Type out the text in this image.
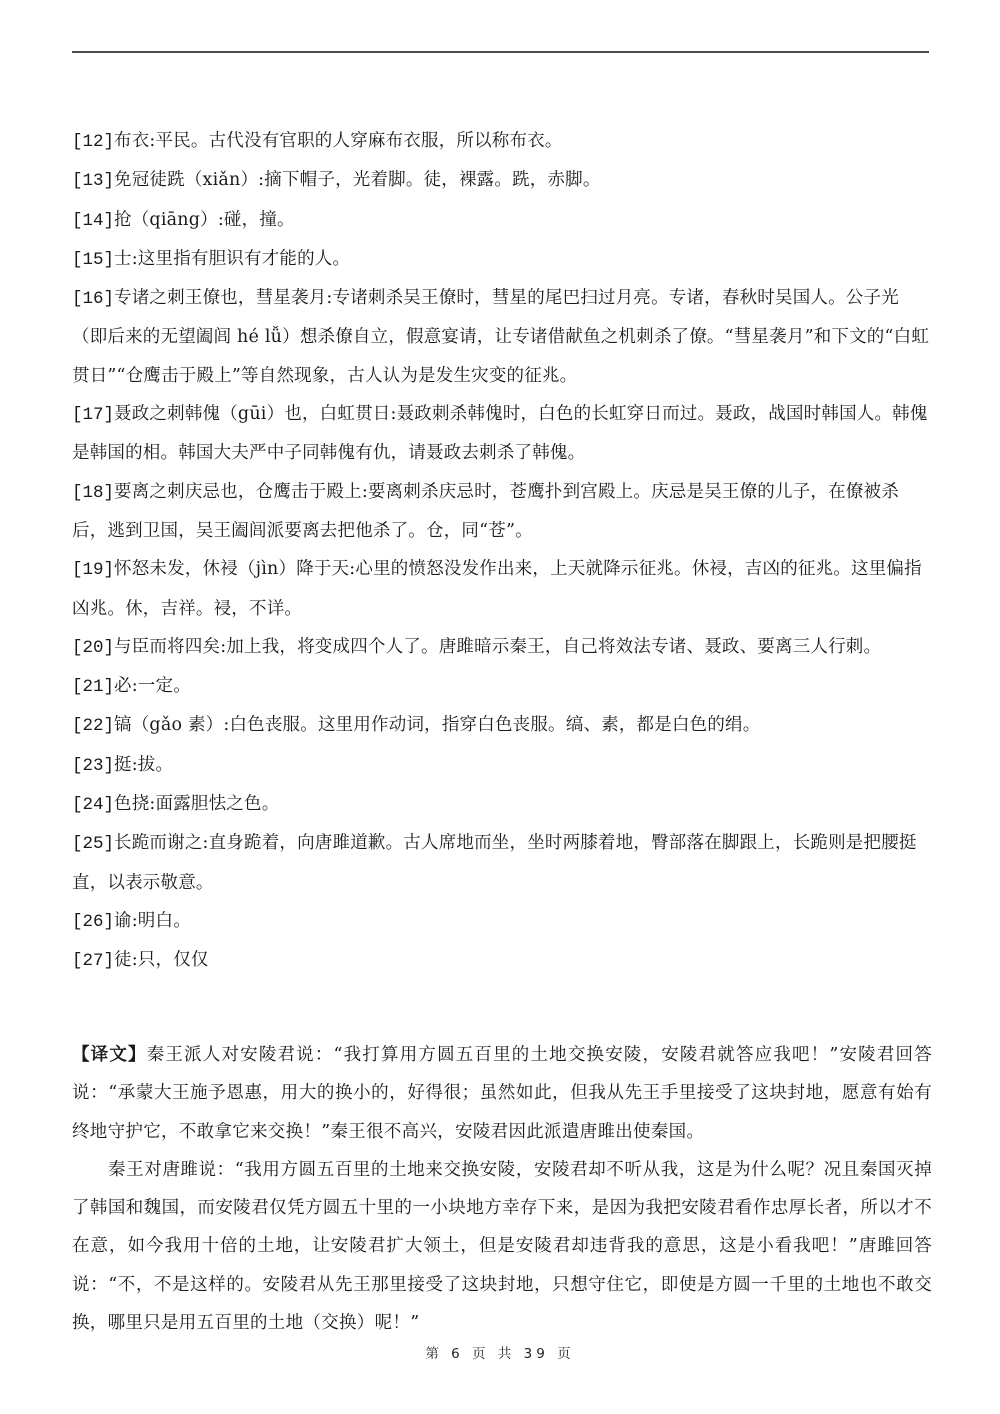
[12]布衣:平民。古代没有官职的人穿麻布衣服，所以称布衣。

[13]免冠徒跣（xiǎn）:摘下帽子，光着脚。徒，裸露。跣，赤脚。

[14]抢（qiāng）:碰，撞。

[15]士:这里指有胆识有才能的人。

[16]专诸之刺王僚也，彗星袭月:专诸刺杀吴王僚时，彗星的尾巴扫过月亮。专诸，春秋时吴国人。公子光（即后来的无望阖闾 hé lǚ）想杀僚自立，假意宴请，让专诸借献鱼之机刺杀了僚。“彗星袭月”和下文的“白虹贯日”“仓鹰击于殿上”等自然现象，古人认为是发生灾变的征兆。

[17]聂政之刺韩傀（gūi）也，白虹贯日:聂政刺杀韩傀时，白色的长虹穿日而过。聂政，战国时韩国人。韩傀是韩国的相。韩国大夫严中子同韩傀有仇，请聂政去刺杀了韩傀。

[18]要离之刺庆忌也，仓鹰击于殿上:要离刺杀庆忌时，苍鹰扑到宫殿上。庆忌是吴王僚的儿子，在僚被杀后，逃到卫国，吴王阖闾派要离去把他杀了。仓，同“苍”。

[19]怀怒未发，休祲（jìn）降于天:心里的愤怒没发作出来，上天就降示征兆。休祲，吉凶的征兆。这里偏指凶兆。休，吉祥。祲，不详。

[20]与臣而将四矣:加上我，将变成四个人了。唐雎暗示秦王，自己将效法专诸、聂政、要离三人行刺。

[21]必:一定。

[22]镐（gǎo 素）:白色丧服。这里用作动词，指穿白色丧服。缟、素，都是白色的绢。

[23]挺:拔。

[24]色挠:面露胆怯之色。

[25]长跪而谢之:直身跪着，向唐雎道歉。古人席地而坐，坐时两膝着地，臀部落在脚跟上，长跪则是把腰挺直，以表示敬意。

[26]谕:明白。

[27]徒:只，仅仅

【译文】秦王派人对安陵君说：“我打算用方圆五百里的土地交换安陵，安陵君就答应我吧！”安陵君回答说：“承蒙大王施予恩惠，用大的换小的，好得很；虽然如此，但我从先王手里接受了这块封地，愿意有始有终地守护它，不敢拿它来交换！”秦王很不高兴，安陵君因此派遣唐雎出使秦国。

秦王对唐雎说：“我用方圆五百里的土地来交换安陵，安陵君却不听从我，这是为什么呢？况且秦国灭掉了韩国和魏国，而安陵君仅凭方圆五十里的一小块地方幸存下来，是因为我把安陵君看作忠厚长者，所以才不在意，如今我用十倍的土地，让安陵君扩大领土，但是安陵君却违背我的意思，这是小看我吧！”唐雎回答说：“不，不是这样的。安陵君从先王那里接受了这块封地，只想守住它，即使是方圆一千里的土地也不敢交换，哪里只是用五百里的土地（交换）呢！”

第 6 页 共 39 页
